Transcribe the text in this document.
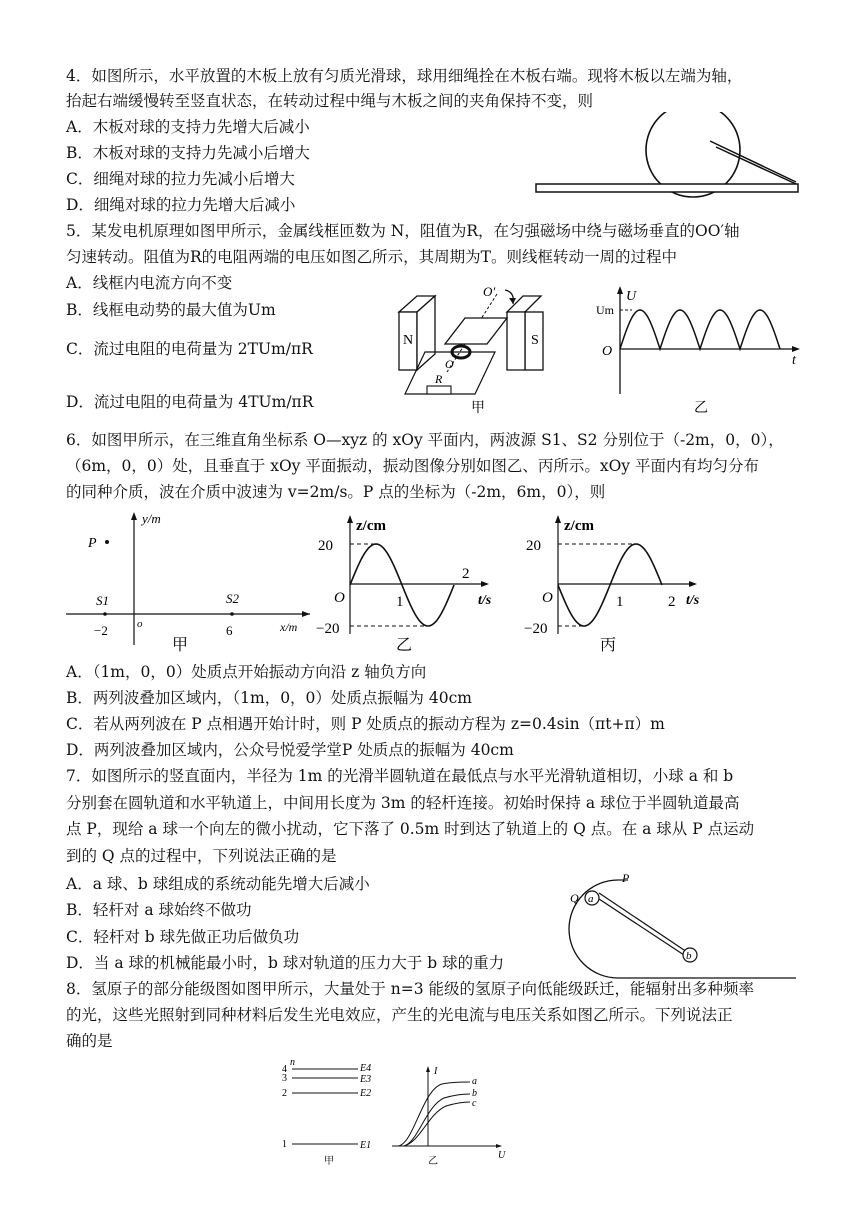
4．如图所示，水平放置的木板上放有匀质光滑球，球用细绳拴在木板右端。现将木板以左端为轴，
抬起右端缓慢转至竖直状态，在转动过程中绳与木板之间的夹角保持不变，则
A．木板对球的支持力先增大后减小
B．木板对球的支持力先减小后增大
C．细绳对球的拉力先减小后增大
D．细绳对球的拉力先增大后减小
5．某发电机原理如图甲所示，金属线框匝数为 N，阻值为R，在匀强磁场中绕与磁场垂直的OO′轴
匀速转动。阻值为R的电阻两端的电压如图乙所示，其周期为T。则线框转动一周的过程中
A．线框内电流方向不变
B．线框电动势的最大值为Um
C．流过电阻的电荷量为 2TUm/πR
D．流过电阻的电荷量为 4TUm/πR
N	S
O′
O
R
甲
U
Um
O
t
乙
6．如图甲所示，在三维直角坐标系 O—xyz 的 xOy 平面内，两波源 S1、S2 分别位于（-2m，0，0），
（6m，0，0）处，且垂直于 xOy 平面振动，振动图像分别如图乙、丙所示。xOy 平面内有均匀分布
的同种介质，波在介质中波速为 v=2m/s。P 点的坐标为（-2m，6m，0），则
P
y/m
x/m
S1	S2
−2	o	6
甲
z/cm
20
−20
O	1
2
t/s
乙
z/cm
20
−20
O	1	2 t/s
丙
A．（1m，0，0）处质点开始振动方向沿 z 轴负方向
B．两列波叠加区域内，（1m，0，0）处质点振幅为 40cm
C．若从两列波在 P 点相遇开始计时，则 P 处质点的振动方程为 z=0.4sin（πt+π）m
D．两列波叠加区域内，公众号悦爱学堂P 处质点的振幅为 40cm
7．如图所示的竖直面内，半径为 1m 的光滑半圆轨道在最低点与水平光滑轨道相切，小球 a 和 b
分别套在圆轨道和水平轨道上，中间用长度为 3m 的轻杆连接。初始时保持 a 球位于半圆轨道最高
点 P，现给 a 球一个向左的微小扰动，它下落了 0.5m 时到达了轨道上的 Q 点。在 a 球从 P 点运动
到的 Q 点的过程中，下列说法正确的是
A．a 球、b 球组成的系统动能先增大后减小
B．轻杆对 a 球始终不做功
C．轻杆对 b 球先做正功后做负功
D．当 a 球的机械能最小时，b 球对轨道的压力大于 b 球的重力
a
b
Q
P
8．氢原子的部分能级图如图甲所示，大量处于 n=3 能级的氢原子向低能级跃迁，能辐射出多种频率
的光，这些光照射到同种材料后发生光电效应，产生的光电流与电压关系如图乙所示。下列说法正
确的是
n
4
3
2
1
E4
E3
E2
E1
甲
I
U
a
b
c
乙
